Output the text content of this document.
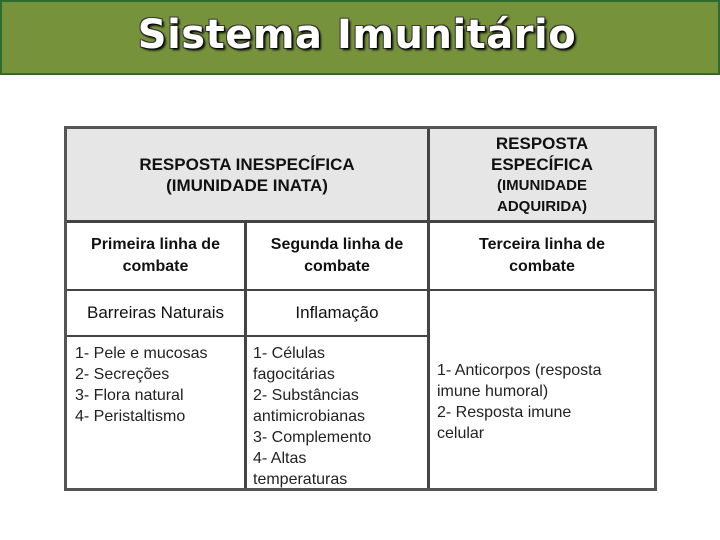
Sistema Imunitário
RESPOSTA INESPECÍFICA
(IMUNIDADE INATA)
RESPOSTA
ESPECÍFICA
(IMUNIDADE
ADQUIRIDA)
Primeira linha de
combate
Segunda linha de
combate
Terceira linha de
combate
Barreiras Naturais	Inflamação
1- Pele e mucosas
2- Secreções
3- Flora natural
4- Peristaltismo
1- Células
fagocitárias
2- Substâncias
antimicrobianas
3- Complemento
4- Altas
temperaturas
1- Anticorpos (resposta
imune humoral)
2- Resposta imune
celular
